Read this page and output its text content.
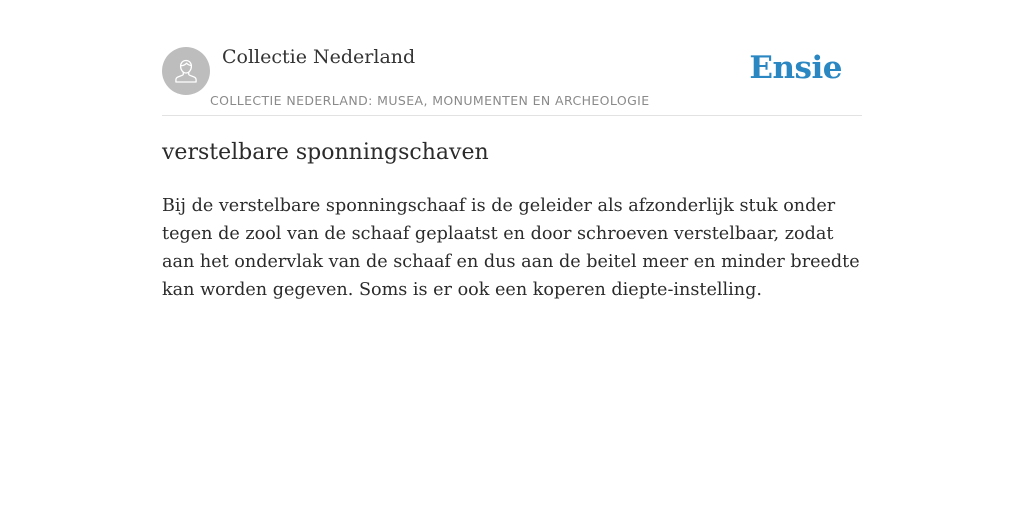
Collectie Nederland
COLLECTIE NEDERLAND: MUSEA, MONUMENTEN EN ARCHEOLOGIE
Ensie
verstelbare sponningschaven

Bij de verstelbare sponningschaaf is de geleider als afzonderlijk stuk onder tegen de zool van de schaaf geplaatst en door schroeven verstelbaar, zodat aan het ondervlak van de schaaf en dus aan de beitel meer en minder breedte kan worden gegeven. Soms is er ook een koperen diepte-instelling.
